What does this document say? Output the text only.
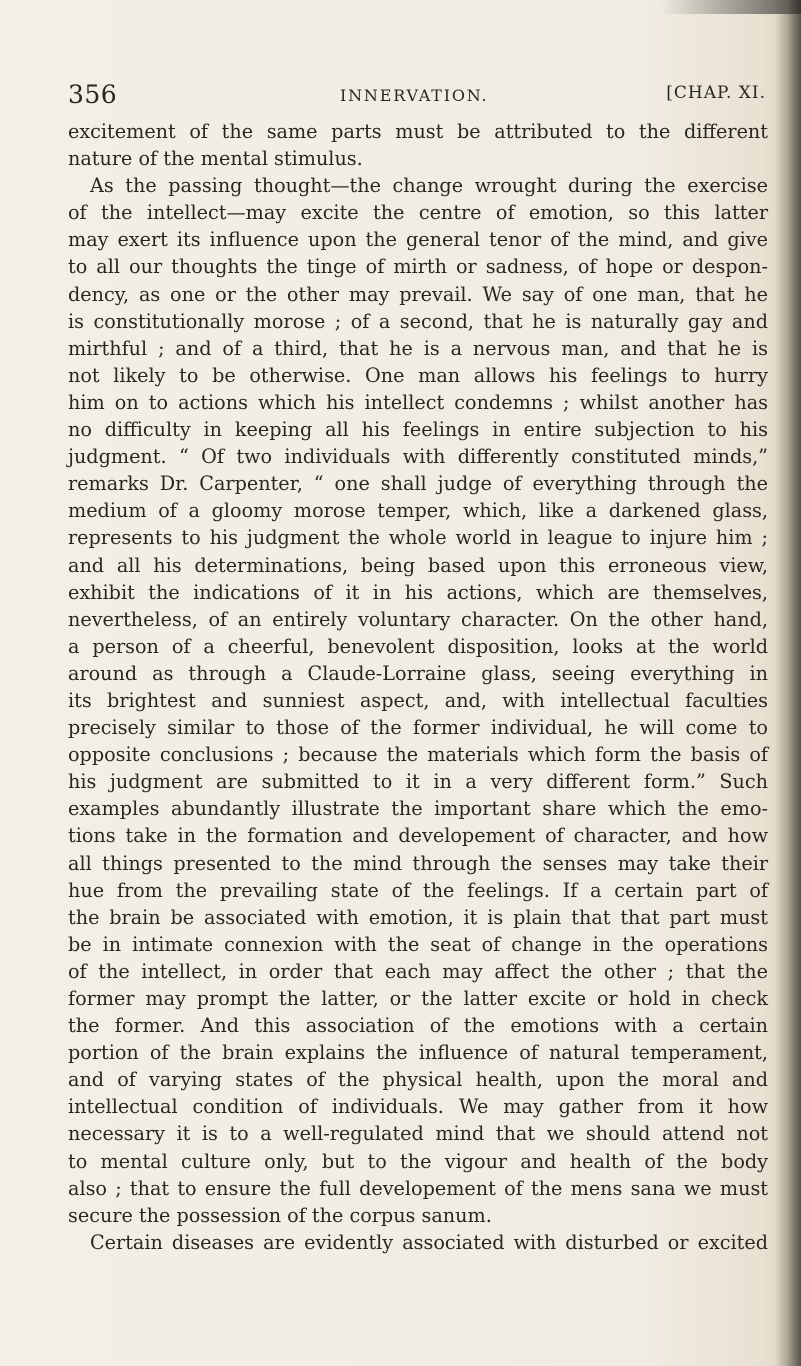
356	INNERVATION.	[CHAP. XI.
excitement of the same parts must be attributed to the different
nature of the mental stimulus.
As the passing thought—the change wrought during the exercise
of the intellect—may excite the centre of emotion, so this latter
may exert its influence upon the general tenor of the mind, and give
to all our thoughts the tinge of mirth or sadness, of hope or despon-
dency, as one or the other may prevail. We say of one man, that he
is constitutionally morose ; of a second, that he is naturally gay and
mirthful ; and of a third, that he is a nervous man, and that he is
not likely to be otherwise. One man allows his feelings to hurry
him on to actions which his intellect condemns ; whilst another has
no difficulty in keeping all his feelings in entire subjection to his
judgment. “ Of two individuals with differently constituted minds,”
remarks Dr. Carpenter, “ one shall judge of everything through the
medium of a gloomy morose temper, which, like a darkened glass,
represents to his judgment the whole world in league to injure him ;
and all his determinations, being based upon this erroneous view,
exhibit the indications of it in his actions, which are themselves,
nevertheless, of an entirely voluntary character. On the other hand,
a person of a cheerful, benevolent disposition, looks at the world
around as through a Claude-Lorraine glass, seeing everything in
its brightest and sunniest aspect, and, with intellectual faculties
precisely similar to those of the former individual, he will come to
opposite conclusions ; because the materials which form the basis of
his judgment are submitted to it in a very different form.” Such
examples abundantly illustrate the important share which the emo-
tions take in the formation and developement of character, and how
all things presented to the mind through the senses may take their
hue from the prevailing state of the feelings. If a certain part of
the brain be associated with emotion, it is plain that that part must
be in intimate connexion with the seat of change in the operations
of the intellect, in order that each may affect the other ; that the
former may prompt the latter, or the latter excite or hold in check
the former. And this association of the emotions with a certain
portion of the brain explains the influence of natural temperament,
and of varying states of the physical health, upon the moral and
intellectual condition of individuals. We may gather from it how
necessary it is to a well-regulated mind that we should attend not
to mental culture only, but to the vigour and health of the body
also ; that to ensure the full developement of the mens sana we must
secure the possession of the corpus sanum.
Certain diseases are evidently associated with disturbed or excited
